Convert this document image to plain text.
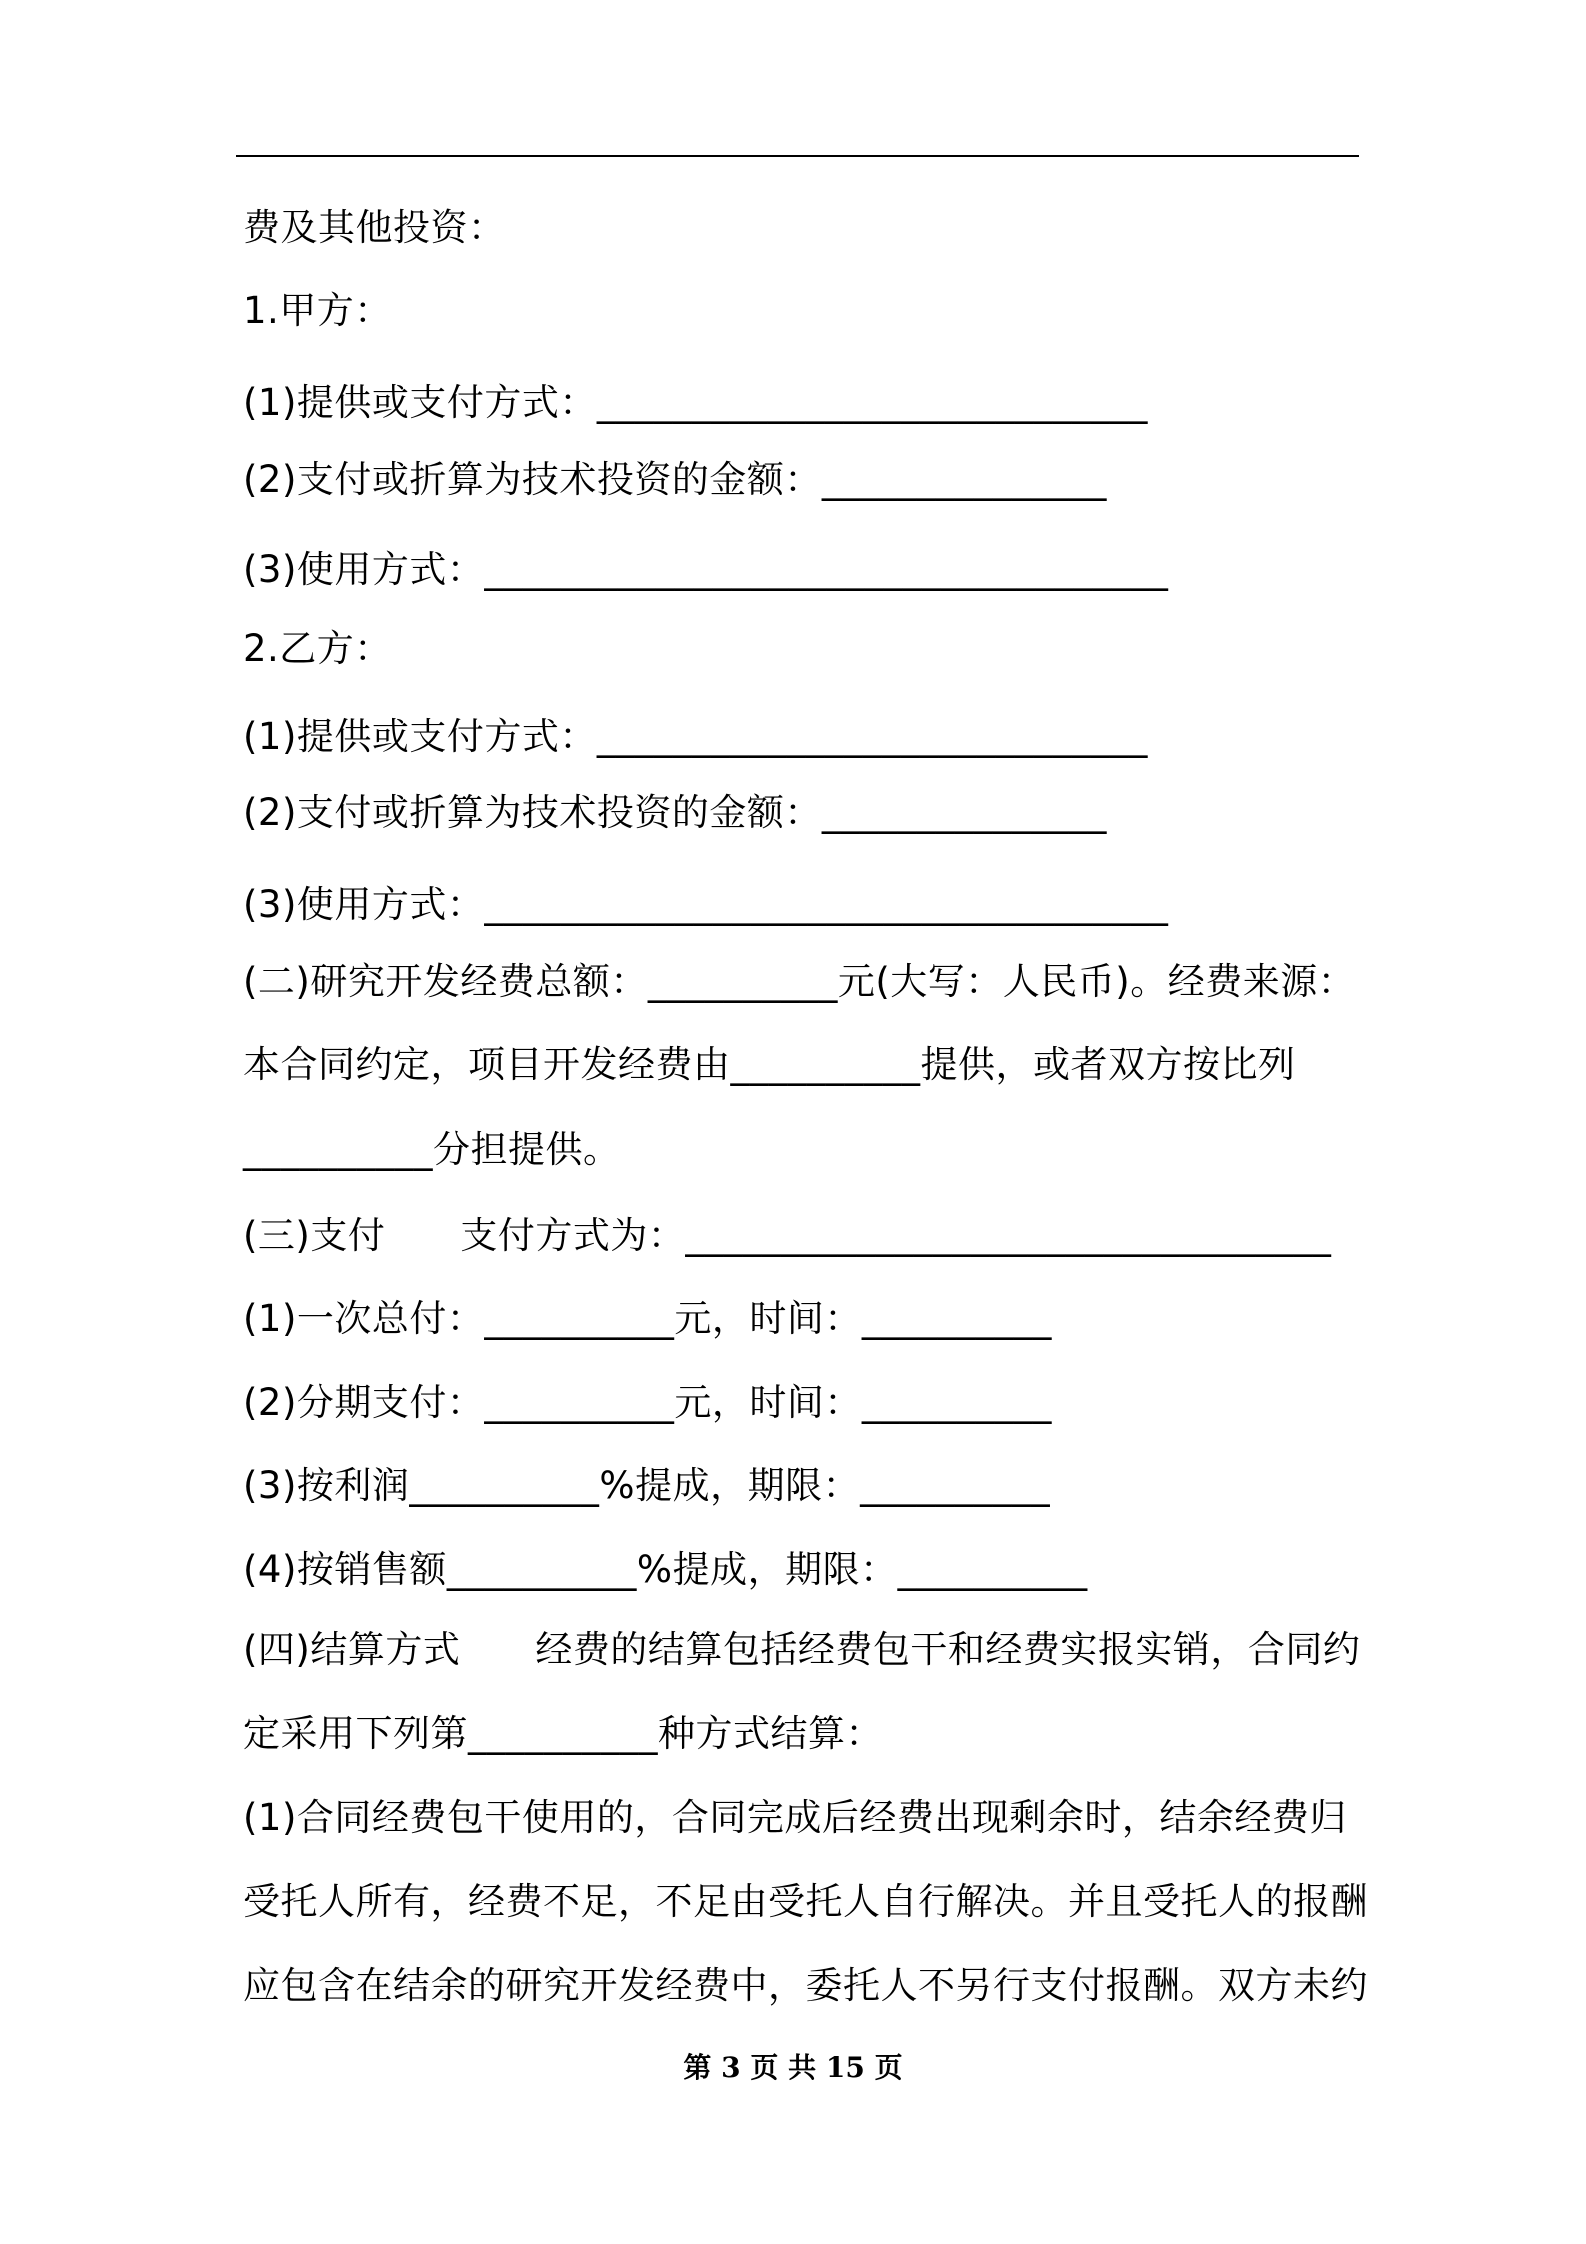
费及其他投资：
1.甲方：
(1)提供或支付方式：_____________________________
(2)支付或折算为技术投资的金额：_______________
(3)使用方式：____________________________________
2.乙方：
(1)提供或支付方式：_____________________________
(2)支付或折算为技术投资的金额：_______________
(3)使用方式：____________________________________
(二)研究开发经费总额：__________元(大写：人民币)。经费来源：
本合同约定，项目开发经费由__________提供，或者双方按比列
__________分担提供。
(三)支付　　支付方式为：__________________________________
(1)一次总付：__________元，时间：__________
(2)分期支付：__________元，时间：__________
(3)按利润__________%提成，期限：__________
(4)按销售额__________%提成，期限：__________
(四)结算方式　　经费的结算包括经费包干和经费实报实销，合同约
定采用下列第__________种方式结算：
(1)合同经费包干使用的，合同完成后经费出现剩余时，结余经费归
受托人所有，经费不足，不足由受托人自行解决。并且受托人的报酬
应包含在结余的研究开发经费中，委托人不另行支付报酬。双方未约
第 3 页 共 15 页
